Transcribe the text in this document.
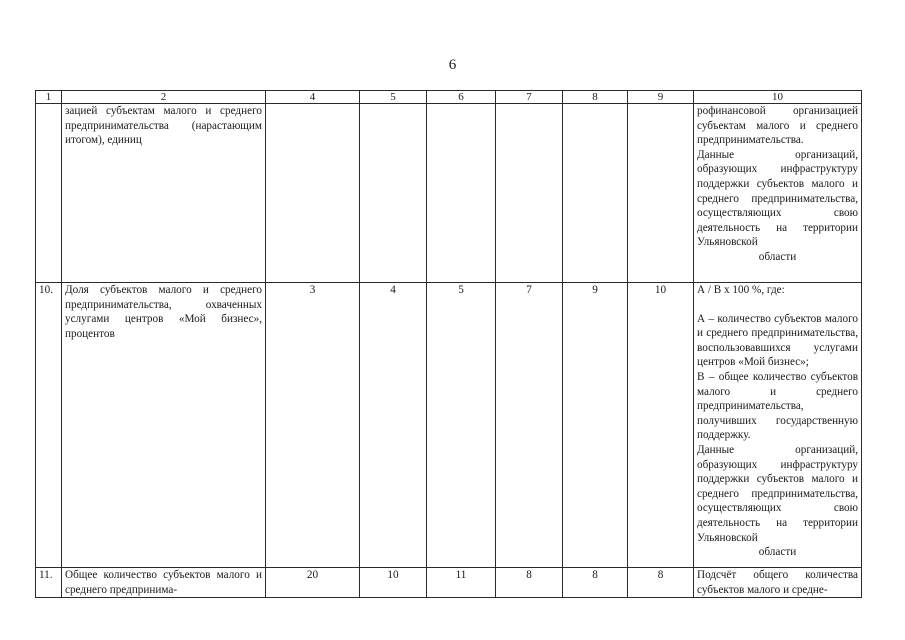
6
1	2	4	5	6	7	8	9	10
	зацией субъектам малого и среднего предпринимательства (нарастающим итогом), единиц							рофинансовой организацией субъектам малого и среднего предпринимательства.

Данные организаций, образующих инфраструктуру поддержки субъектов малого и среднего предпринимательства, осуществляющих свою деятельность на территории Ульяновской

области

10.	Доля субъектов малого и среднего предпринимательства, охваченных услугами центров «Мой бизнес», процентов	3	4	5	7	9	10	А / В х 100 %, где:

А – количество субъектов малого и среднего предпринимательства, воспользовавшихся услугами центров «Мой бизнес»;

В – общее количество субъектов малого и среднего предпринимательства, получивших государственную поддержку.

Данные организаций, образующих инфраструктуру поддержки субъектов малого и среднего предпринимательства, осуществляющих свою деятельность на территории Ульяновской

области

11.	Общее количество субъектов малого и среднего предпринима-	20	10	11	8	8	8	Подсчёт общего количества субъектов малого и средне-
